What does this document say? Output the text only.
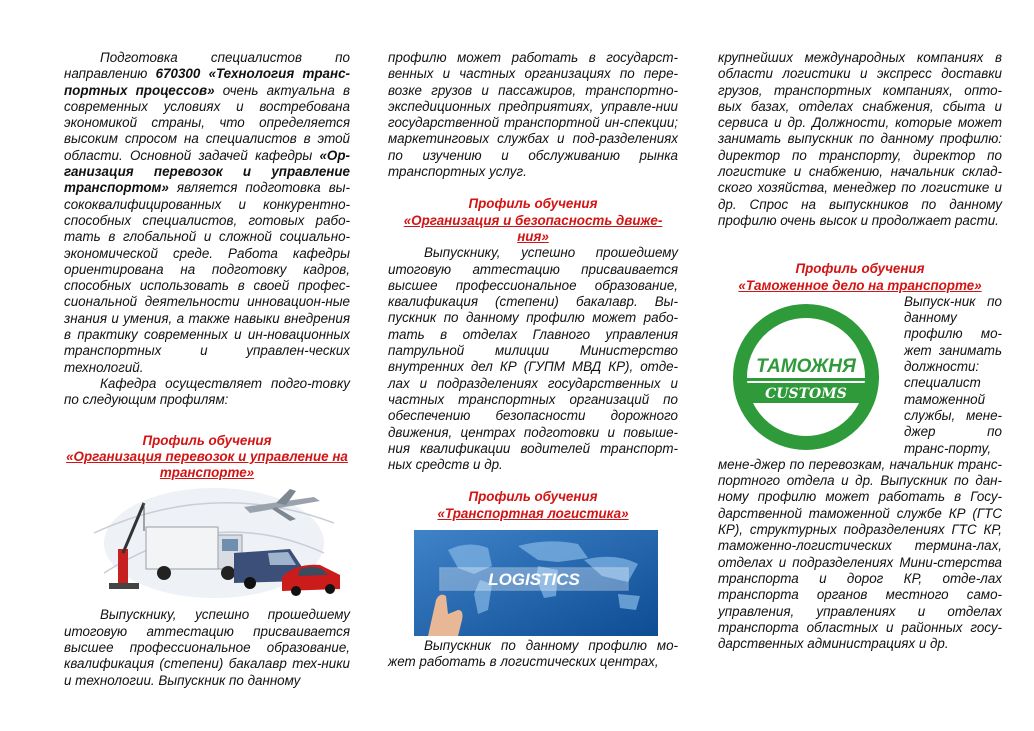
Подготовка специалистов по направлению 670300 «Технология транс-портных процессов» очень актуальна в современных условиях и востребована экономикой страны, что определяется высоким спросом на специалистов в этой области. Основной задачей кафедры «Ор-ганизация перевозок и управление транспортом» является подготовка вы-сококвалифицированных и конкурентно-способных специалистов, готовых рабо-тать в глобальной и сложной социально-экономической среде. Работа кафедры ориентирована на подготовку кадров, способных использовать в своей профес-сиональной деятельности инновацион-ные знания и умения, а также навыки внедрения в практику современных и ин-новационных транспортных и управлен-ческих технологий.

Кафедра осуществляет подго-товку по следующим профилям:

Профиль обучения
«Организация перевозок и управление на транспорте»

Выпускнику, успешно прошедшему итоговую аттестацию присваивается высшее профессиональное образование, квалификация (степени) бакалавр тех-ники и технологии. Выпускник по данному

профилю может работать в государст-венных и частных организациях по пере-возке грузов и пассажиров, транспортно-экспедиционных предприятиях, управле-нии государственной транспортной ин-спекции; маркетинговых службах и под-разделениях по изучению и обслуживанию рынка транспортных услуг.

Профиль обучения
«Организация и безопасность движе-ния»

Выпускнику, успешно прошедшему итоговую аттестацию присваивается высшее профессиональное образование, квалификация (степени) бакалавр. Вы-пускник по данному профилю может рабо-тать в отделах Главного управления патрульной милиции Министерство внутренних дел КР (ГУПМ МВД КР), отде-лах и подразделениях государственных и частных транспортных организаций по обеспечению безопасности дорожного движения, центрах подготовки и повыше-ния квалификации водителей транспорт-ных средств и др.

Профиль обучения
«Транспортная логистика»
LOGISTICS

Выпускник по данному профилю мо-жет работать в логистических центрах,

крупнейших международных компаниях в области логистики и экспресс доставки грузов, транспортных компаниях, опто-вых базах, отделах снабжения, сбыта и сервиса и др. Должности, которые может занимать выпускник по данному профилю: директор по транспорту, директор по логистике и снабжению, начальник склад-ского хозяйства, менеджер по логистике и др. Спрос на выпускников по данному профилю очень высок и продолжает расти.

Профиль обучения
«Таможенное дело на транспорте»
ТАМОЖНЯ
CUSTOMS

Выпуск-ник по данному профилю мо-жет занимать должности: специалист таможенной службы, мене-джер по транс-порту, мене-джер по перевозкам, начальник транс-портного отдела и др. Выпускник по дан-ному профилю может работать в Госу-дарственной таможенной службе КР (ГТС КР), структурных подразделениях ГТС КР, таможенно-логистических термина-лах, отделах и подразделениях Мини-стерства транспорта и дорог КР, отде-лах транспорта органов местного само-управления, управлениях и отделах транспорта областных и районных госу-дарственных администрациях и др.
